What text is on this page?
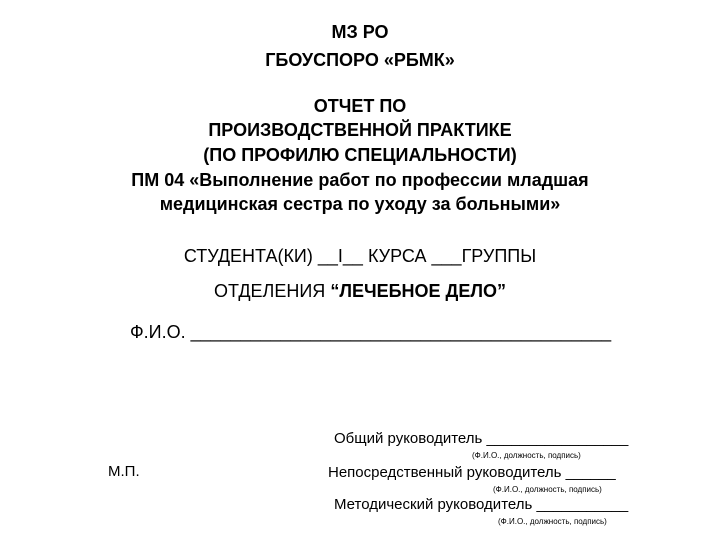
МЗ РО
ГБОУСПОРО «РБМК»
ОТЧЕТ ПО
ПРОИЗВОДСТВЕННОЙ ПРАКТИКЕ
(ПО ПРОФИЛЮ СПЕЦИАЛЬНОСТИ)
ПМ 04 «Выполнение работ по профессии младшая
медицинская сестра по уходу за больными»
СТУДЕНТА(КИ) __I__ КУРСА ___ГРУППЫ
ОТДЕЛЕНИЯ “ЛЕЧЕБНОЕ ДЕЛО”
Ф.И.О. __________________________________________
М.П.
Общий руководитель _________________
(Ф.И.О., должность, подпись)
Непосредственный руководитель ______
(Ф.И.О., должность, подпись)
Методический руководитель ___________
(Ф.И.О., должность, подпись)
